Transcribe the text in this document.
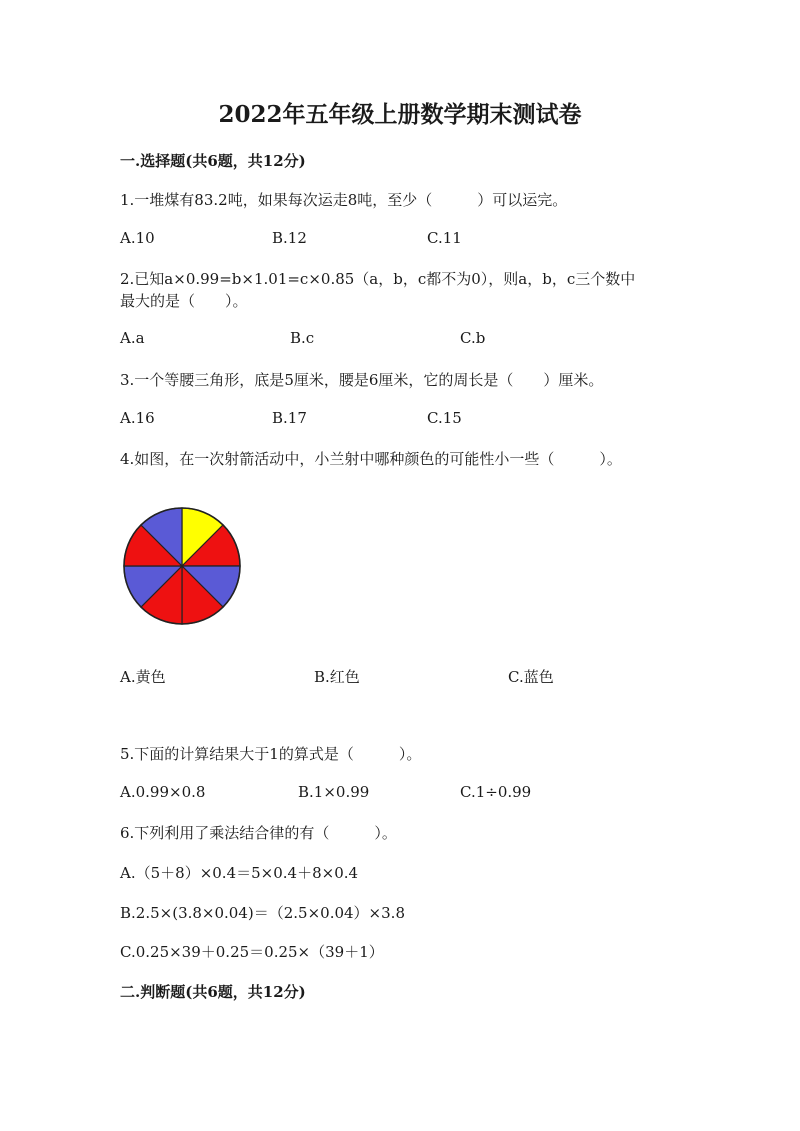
2022年五年级上册数学期末测试卷
一.选择题(共6题，共12分)
1.一堆煤有83.2吨，如果每次运走8吨，至少（　　　）可以运完。
A.10	B.12	C.11
2.已知a×0.99=b×1.01=c×0.85（a，b，c都不为0），则a，b，c三个数中
最大的是（　　）。
A.a	B.c	C.b
3.一个等腰三角形，底是5厘米，腰是6厘米，它的周长是（　　）厘米。
A.16	B.17	C.15
4.如图，在一次射箭活动中，小兰射中哪种颜色的可能性小一些（　　　）。
A.黄色	B.红色	C.蓝色
5.下面的计算结果大于1的算式是（　　　）。
A.0.99×0.8	B.1×0.99	C.1÷0.99
6.下列利用了乘法结合律的有（　　　）。
A.（5＋8）×0.4＝5×0.4＋8×0.4
B.2.5×(3.8×0.04)＝（2.5×0.04）×3.8
C.0.25×39＋0.25＝0.25×（39＋1）
二.判断题(共6题，共12分)
